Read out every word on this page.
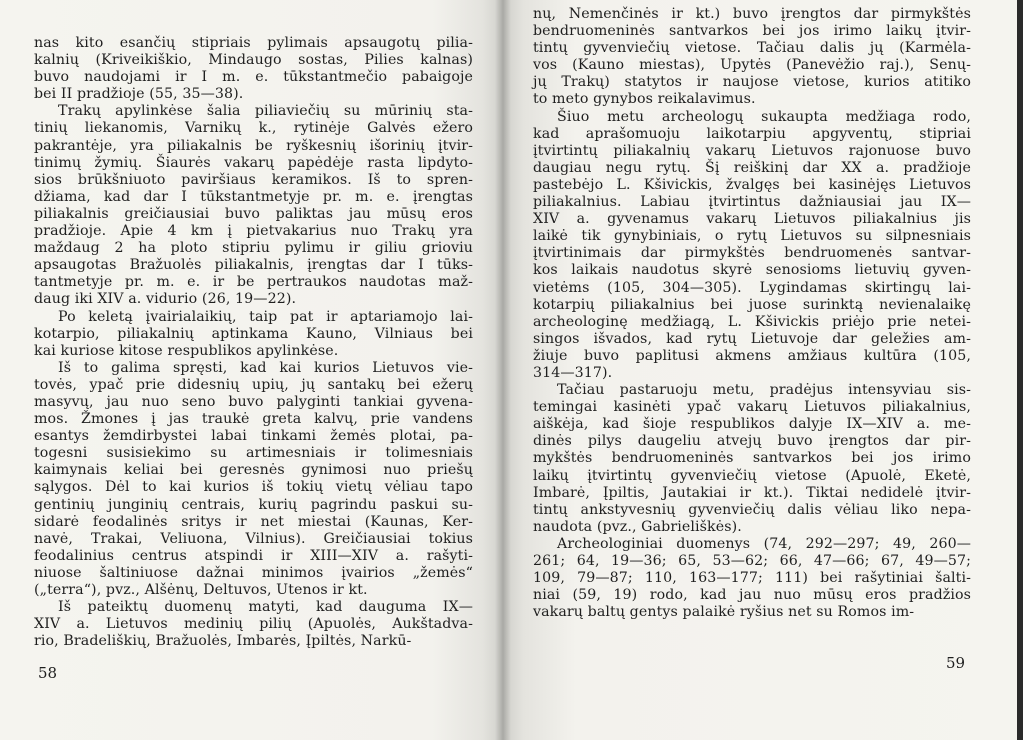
nas kito esančių stipriais pylimais apsaugotų pilia-
kalnių (Kriveikiškio, Mindaugo sostas, Pilies kalnas)
buvo naudojami ir I m. e. tūkstantmečio pabaigoje
bei II pradžioje (55, 35—38).
Trakų apylinkėse šalia piliaviečių su mūrinių sta-
tinių liekanomis, Varnikų k., rytinėje Galvės ežero
pakrantėje, yra piliakalnis be ryškesnių išorinių įtvir-
tinimų žymių. Šiaurės vakarų papėdėje rasta lipdyto-
sios brūkšniuoto paviršiaus keramikos. Iš to spren-
džiama, kad dar I tūkstantmetyje pr. m. e. įrengtas
piliakalnis greičiausiai buvo paliktas jau mūsų eros
pradžioje. Apie 4 km į pietvakarius nuo Trakų yra
maždaug 2 ha ploto stipriu pylimu ir giliu grioviu
apsaugotas Bražuolės piliakalnis, įrengtas dar I tūks-
tantmetyje pr. m. e. ir be pertraukos naudotas maž-
daug iki XIV a. vidurio (26, 19—22).
Po keletą įvairialaikių, taip pat ir aptariamojo lai-
kotarpio, piliakalnių aptinkama Kauno, Vilniaus bei
kai kuriose kitose respublikos apylinkėse.
Iš to galima spręsti, kad kai kurios Lietuvos vie-
tovės, ypač prie didesnių upių, jų santakų bei ežerų
masyvų, jau nuo seno buvo palyginti tankiai gyvena-
mos. Žmones į jas traukė greta kalvų, prie vandens
esantys žemdirbystei labai tinkami žemės plotai, pa-
togesni susisiekimo su artimesniais ir tolimesniais
kaimynais keliai bei geresnės gynimosi nuo priešų
sąlygos. Dėl to kai kurios iš tokių vietų vėliau tapo
gentinių junginių centrais, kurių pagrindu paskui su-
sidarė feodalinės sritys ir net miestai (Kaunas, Ker-
navė, Trakai, Veliuona, Vilnius). Greičiausiai tokius
feodalinius centrus atspindi ir XIII—XIV a. rašyti-
niuose šaltiniuose dažnai minimos įvairios „žemės“
(„terra“), pvz., Alšėnų, Deltuvos, Utenos ir kt.
Iš pateiktų duomenų matyti, kad dauguma IX—
XIV a. Lietuvos medinių pilių (Apuolės, Aukštadva-
rio, Bradeliškių, Bražuolės, Imbarės, Įpiltės, Narkū-
58
nų, Nemenčinės ir kt.) buvo įrengtos dar pirmykštės
bendruomeninės santvarkos bei jos irimo laikų įtvir-
tintų gyvenviečių vietose. Tačiau dalis jų (Karmėla-
vos (Kauno miestas), Upytės (Panevėžio raj.), Senų-
jų Trakų) statytos ir naujose vietose, kurios atitiko
to meto gynybos reikalavimus.
Šiuo metu archeologų sukaupta medžiaga rodo,
kad aprašomuoju laikotarpiu apgyventų, stipriai
įtvirtintų piliakalnių vakarų Lietuvos rajonuose buvo
daugiau negu rytų. Šį reiškinį dar XX a. pradžioje
pastebėjo L. Kšivickis, žvalgęs bei kasinėjęs Lietuvos
piliakalnius. Labiau įtvirtintus dažniausiai jau IX—
XIV a. gyvenamus vakarų Lietuvos piliakalnius jis
laikė tik gynybiniais, o rytų Lietuvos su silpnesniais
įtvirtinimais dar pirmykštės bendruomenės santvar-
kos laikais naudotus skyrė senosioms lietuvių gyven-
vietėms (105, 304—305). Lygindamas skirtingų lai-
kotarpių piliakalnius bei juose surinktą nevienalaikę
archeologinę medžiagą, L. Kšivickis priėjo prie netei-
singos išvados, kad rytų Lietuvoje dar geležies am-
žiuje buvo paplitusi akmens amžiaus kultūra (105,
314—317).
Tačiau pastaruoju metu, pradėjus intensyviau sis-
temingai kasinėti ypač vakarų Lietuvos piliakalnius,
aiškėja, kad šioje respublikos dalyje IX—XIV a. me-
dinės pilys daugeliu atvejų buvo įrengtos dar pir-
mykštės bendruomeninės santvarkos bei jos irimo
laikų įtvirtintų gyvenviečių vietose (Apuolė, Eketė,
Imbarė, Įpiltis, Jautakiai ir kt.). Tiktai nedidelė įtvir-
tintų ankstyvesnių gyvenviečių dalis vėliau liko nepa-
naudota (pvz., Gabrieliškės).
Archeologiniai duomenys (74, 292—297; 49, 260—
261; 64, 19—36; 65, 53—62; 66, 47—66; 67, 49—57;
109, 79—87; 110, 163—177; 111) bei rašytiniai šalti-
niai (59, 19) rodo, kad jau nuo mūsų eros pradžios
vakarų baltų gentys palaikė ryšius net su Romos im-
59
